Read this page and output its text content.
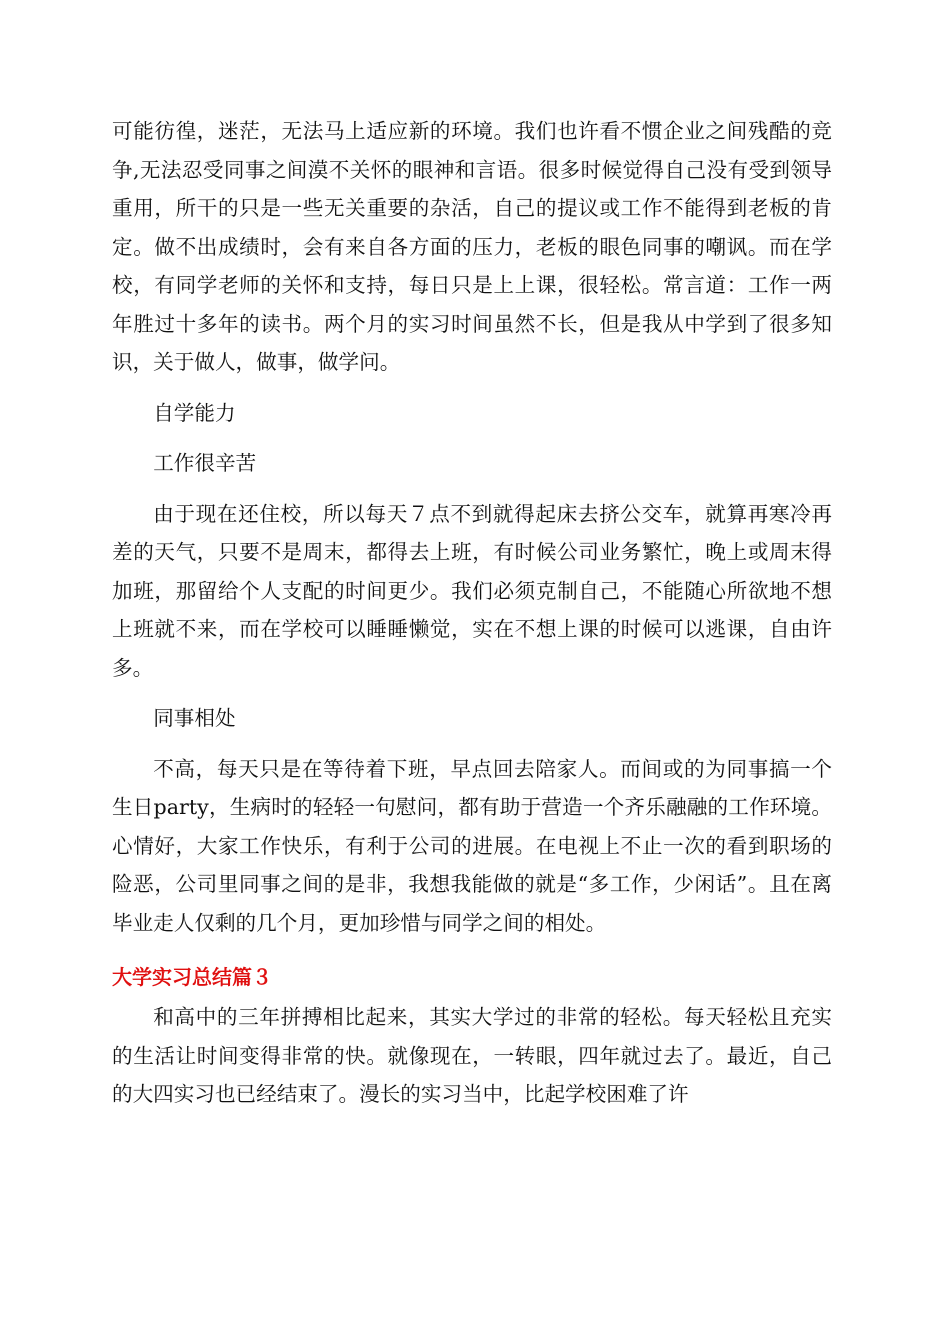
可能彷徨，迷茫，无法马上适应新的环境。我们也许看不惯企业之间残酷的竞争,无法忍受同事之间漠不关怀的眼神和言语。很多时候觉得自己没有受到领导重用，所干的只是一些无关重要的杂活，自己的提议或工作不能得到老板的肯定。做不出成绩时，会有来自各方面的压力，老板的眼色同事的嘲讽。而在学校，有同学老师的关怀和支持，每日只是上上课，很轻松。常言道：工作一两年胜过十多年的读书。两个月的实习时间虽然不长，但是我从中学到了很多知识，关于做人，做事，做学问。

自学能力

工作很辛苦

由于现在还住校，所以每天７点不到就得起床去挤公交车，就算再寒冷再差的天气，只要不是周末，都得去上班，有时候公司业务繁忙，晚上或周末得加班，那留给个人支配的时间更少。我们必须克制自己，不能随心所欲地不想上班就不来，而在学校可以睡睡懒觉，实在不想上课的时候可以逃课，自由许多。

同事相处

不高，每天只是在等待着下班，早点回去陪家人。而间或的为同事搞一个生日party，生病时的轻轻一句慰问，都有助于营造一个齐乐融融的工作环境。心情好，大家工作快乐，有利于公司的进展。在电视上不止一次的看到职场的险恶，公司里同事之间的是非，我想我能做的就是“多工作，少闲话”。且在离毕业走人仅剩的几个月，更加珍惜与同学之间的相处。

大学实习总结篇３

和高中的三年拼搏相比起来，其实大学过的非常的轻松。每天轻松且充实的生活让时间变得非常的快。就像现在，一转眼，四年就过去了。最近，自己的大四实习也已经结束了。漫长的实习当中，比起学校困难了许
